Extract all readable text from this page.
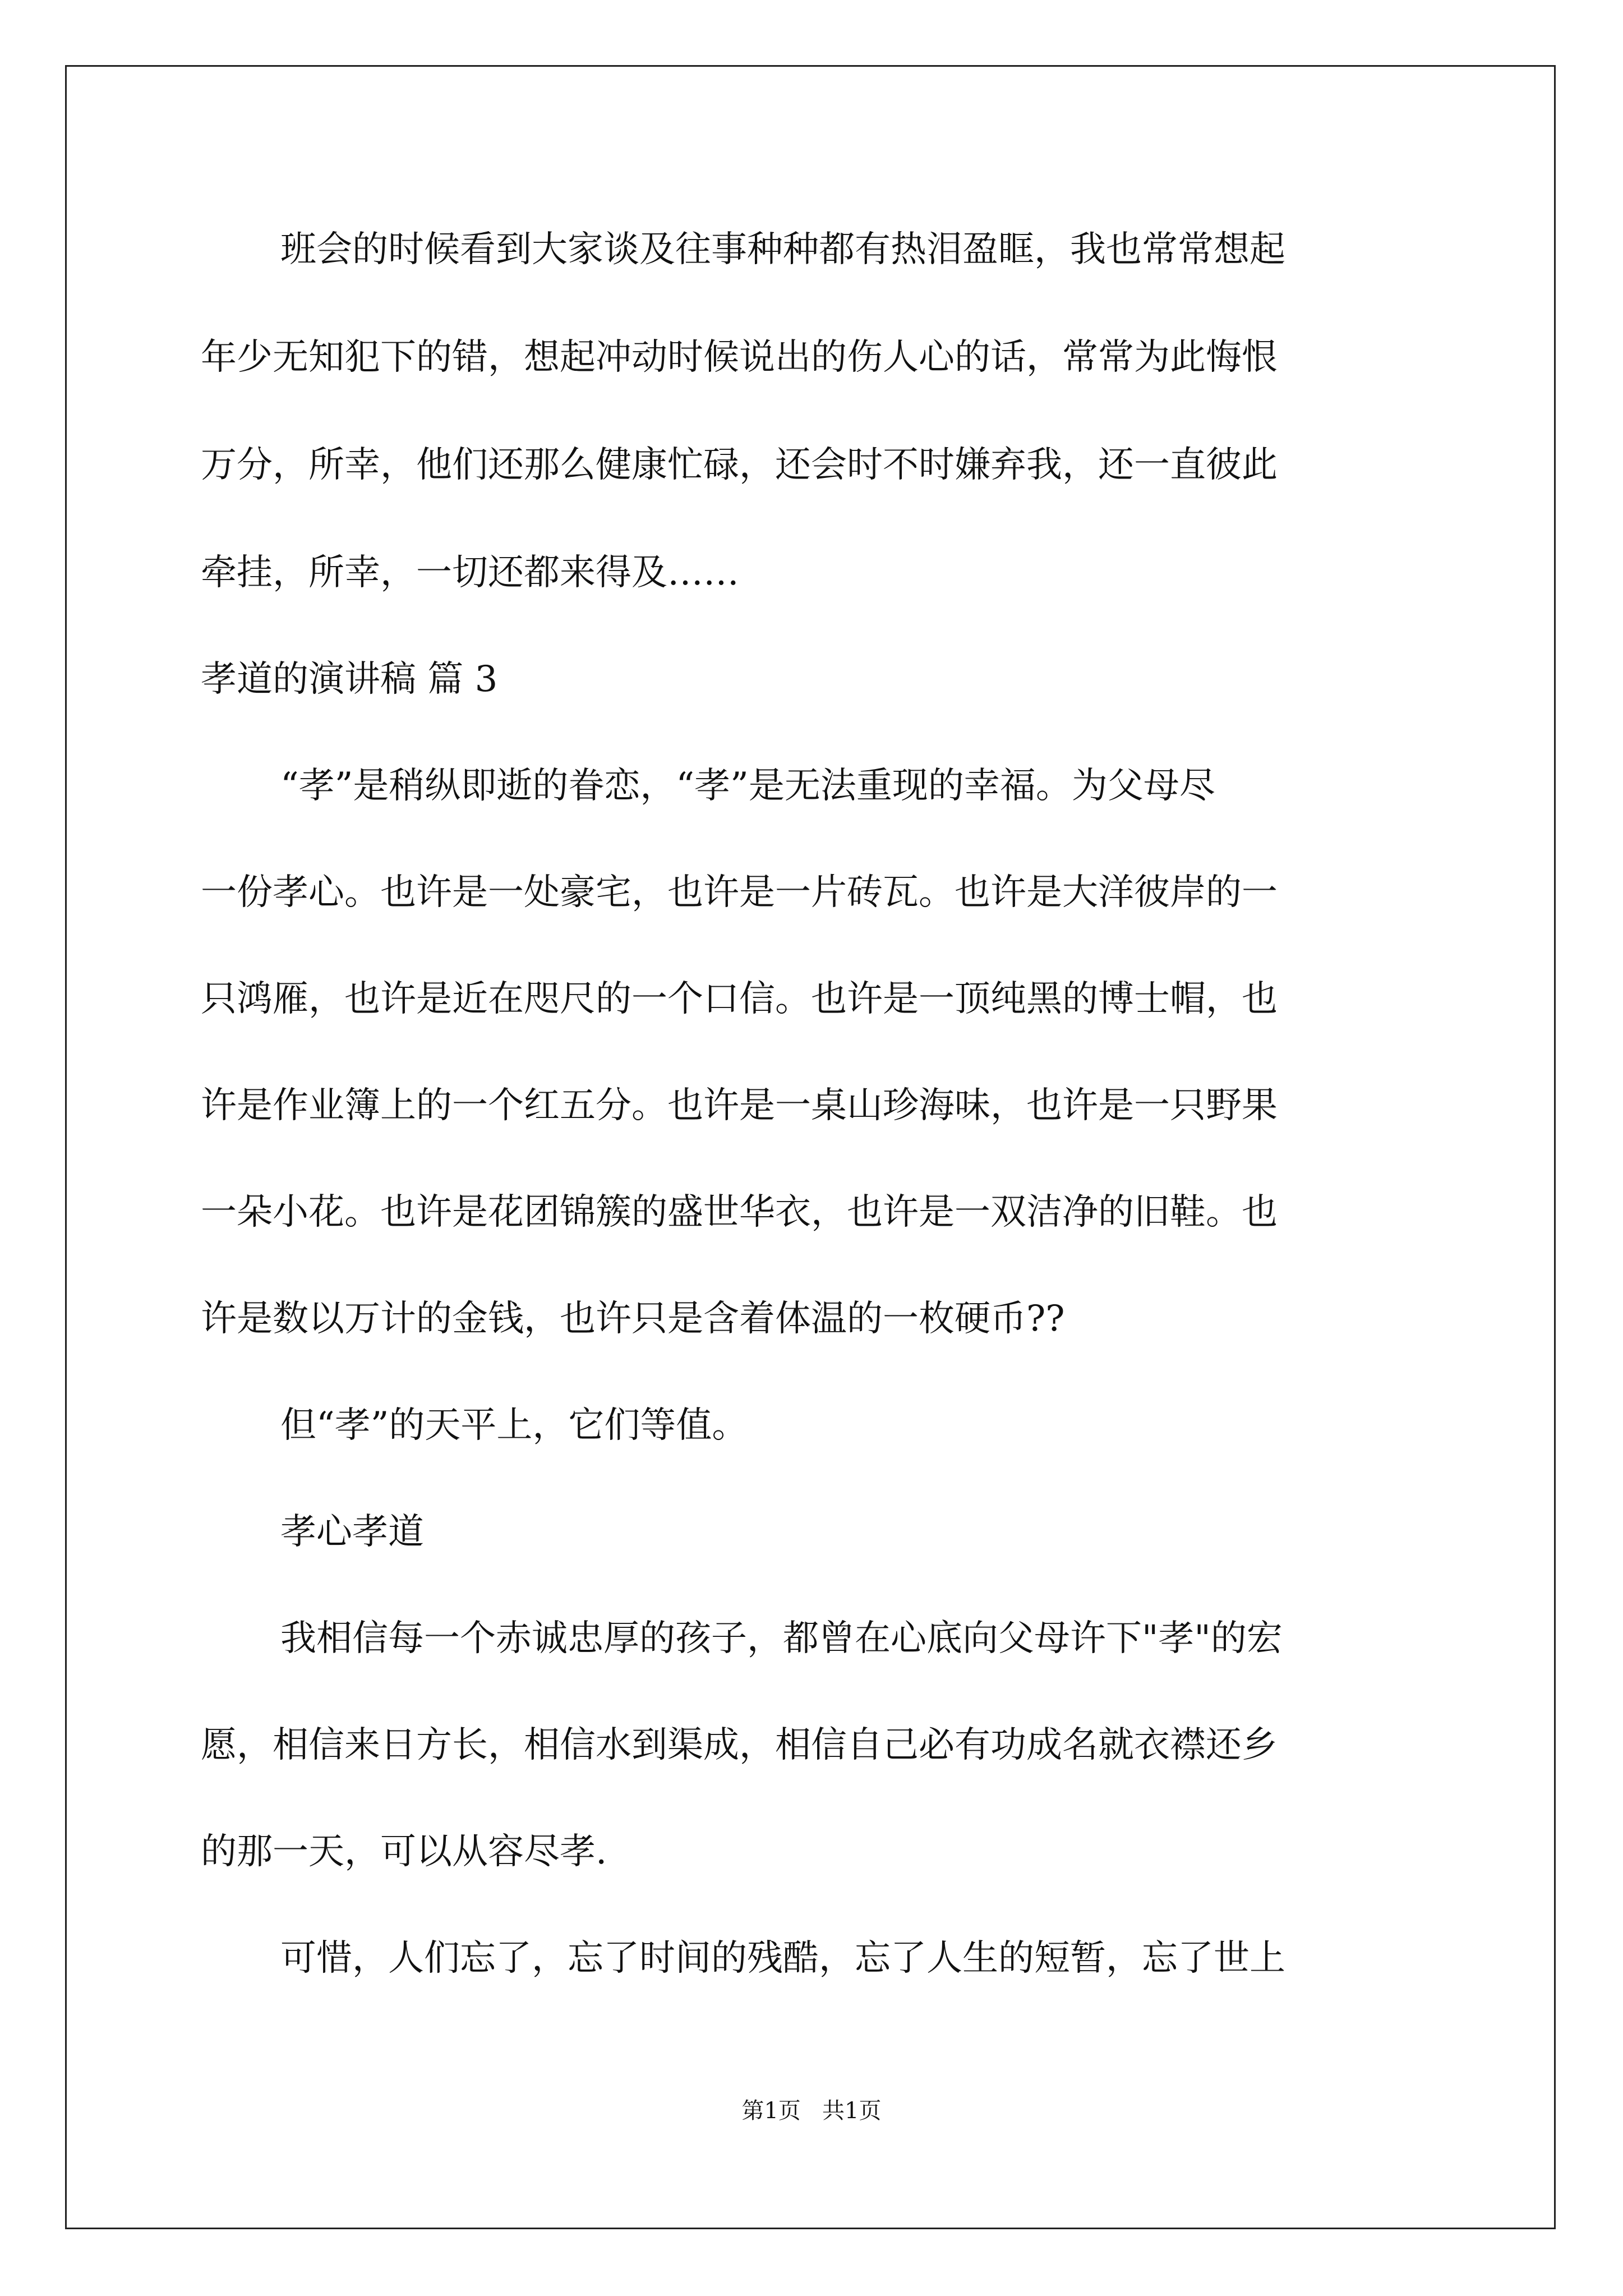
班会的时候看到大家谈及往事种种都有热泪盈眶，我也常常想起
年少无知犯下的错，想起冲动时候说出的伤人心的话，常常为此悔恨
万分，所幸，他们还那么健康忙碌，还会时不时嫌弃我，还一直彼此
牵挂，所幸，一切还都来得及……
孝道的演讲稿 篇 3
“孝”是稍纵即逝的眷恋，“孝”是无法重现的幸福。为父母尽
一份孝心。也许是一处豪宅，也许是一片砖瓦。也许是大洋彼岸的一
只鸿雁，也许是近在咫尺的一个口信。也许是一顶纯黑的博士帽，也
许是作业簿上的一个红五分。也许是一桌山珍海味，也许是一只野果
一朵小花。也许是花团锦簇的盛世华衣，也许是一双洁净的旧鞋。也
许是数以万计的金钱，也许只是含着体温的一枚硬币??
但“孝”的天平上，它们等值。
孝心孝道
我相信每一个赤诚忠厚的孩子，都曾在心底向父母许下"孝"的宏
愿，相信来日方长，相信水到渠成，相信自己必有功成名就衣襟还乡
的那一天，可以从容尽孝.
可惜，人们忘了，忘了时间的残酷，忘了人生的短暂，忘了世上
第1页   共1页
